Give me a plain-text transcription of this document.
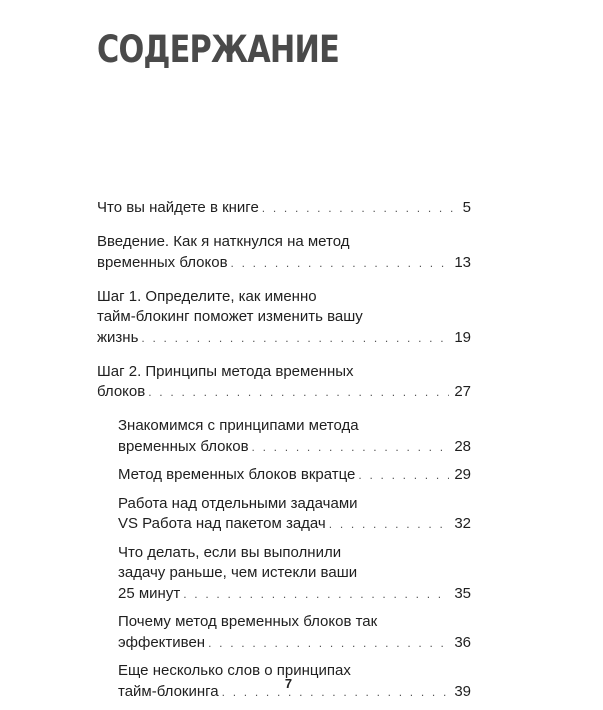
СОДЕРЖАНИЕ
Что вы найдете в книге . . .	5
Введение. Как я наткнулся на метод
временных блоков . . .	13
Шаг 1. Определите, как именно
тайм-блокинг поможет изменить вашу
жизнь . . .	19
Шаг 2. Принципы метода временных
блоков . . .	27
Знакомимся с принципами метода
временных блоков . . .	28
Метод временных блоков вкратце . . .	29
Работа над отдельными задачами
VS Работа над пакетом задач . . .	32
Что делать, если вы выполнили
задачу раньше, чем истекли ваши
25 минут . . .	35
Почему метод временных блоков так
эффективен . . .	36
Еще несколько слов о принципах
тайм-блокинга . . .	39
7
